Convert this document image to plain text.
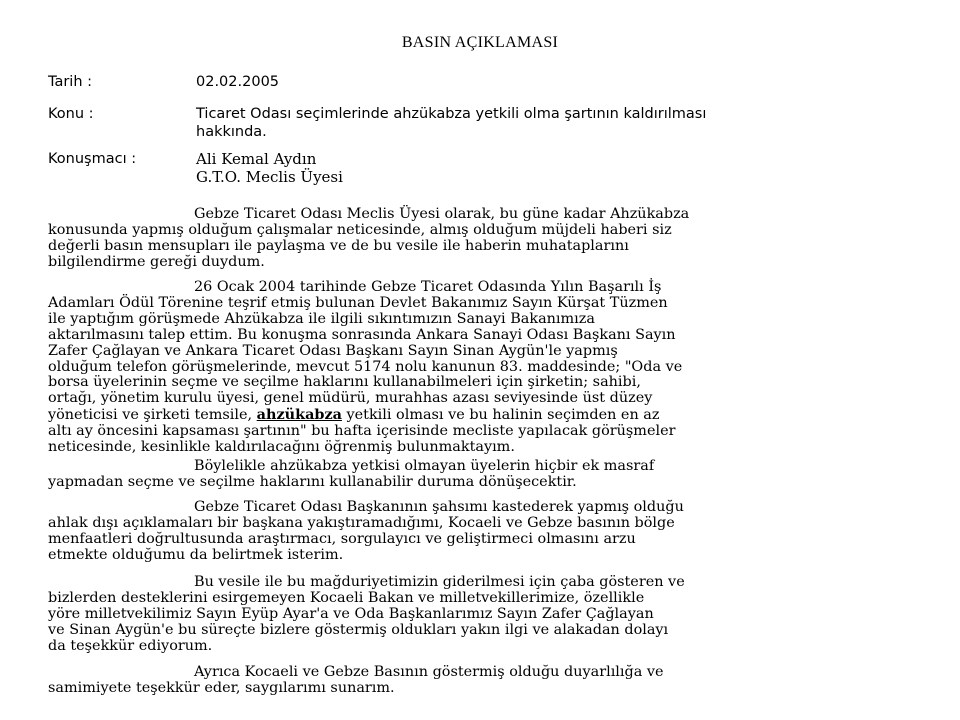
BASIN AÇIKLAMASI
Tarih :	02.02.2005
Konu :	Ticaret Odası seçimlerinde ahzükabza yetkili olma şartının kaldırılması
hakkında.
Konuşmacı :	Ali Kemal Aydın
G.T.O. Meclis Üyesi
Gebze Ticaret Odası Meclis Üyesi olarak, bu güne kadar Ahzükabza
konusunda yapmış olduğum çalışmalar neticesinde, almış olduğum müjdeli haberi siz
değerli basın mensupları ile paylaşma ve de bu vesile ile haberin muhataplarını
bilgilendirme gereği duydum.
26 Ocak 2004 tarihinde Gebze Ticaret Odasında Yılın Başarılı İş
Adamları Ödül Törenine teşrif etmiş bulunan Devlet Bakanımız Sayın Kürşat Tüzmen
ile yaptığım görüşmede Ahzükabza ile ilgili sıkıntımızın Sanayi Bakanımıza
aktarılmasını talep ettim. Bu konuşma sonrasında Ankara Sanayi Odası Başkanı Sayın
Zafer Çağlayan ve Ankara Ticaret Odası Başkanı Sayın Sinan Aygün'le yapmış
olduğum telefon görüşmelerinde, mevcut 5174 nolu kanunun 83. maddesinde; "Oda ve
borsa üyelerinin seçme ve seçilme haklarını kullanabilmeleri için şirketin; sahibi,
ortağı, yönetim kurulu üyesi, genel müdürü, murahhas azası seviyesinde üst düzey
yöneticisi ve şirketi temsile, ahzükabza yetkili olması ve bu halinin seçimden en az
altı ay öncesini kapsaması şartının" bu hafta içerisinde mecliste yapılacak görüşmeler
neticesinde, kesinlikle kaldırılacağını öğrenmiş bulunmaktayım.
Böylelikle ahzükabza yetkisi olmayan üyelerin hiçbir ek masraf
yapmadan seçme ve seçilme haklarını kullanabilir duruma dönüşecektir.
Gebze Ticaret Odası Başkanının şahsımı kastederek yapmış olduğu
ahlak dışı açıklamaları bir başkana yakıştıramadığımı, Kocaeli ve Gebze basının bölge
menfaatleri doğrultusunda araştırmacı, sorgulayıcı ve geliştirmeci olmasını arzu
etmekte olduğumu da belirtmek isterim.
Bu vesile ile bu mağduriyetimizin giderilmesi için çaba gösteren ve
bizlerden desteklerini esirgemeyen Kocaeli Bakan ve milletvekillerimize, özellikle
yöre milletvekilimiz Sayın Eyüp Ayar'a ve Oda Başkanlarımız Sayın Zafer Çağlayan
ve Sinan Aygün'e bu süreçte bizlere göstermiş oldukları yakın ilgi ve alakadan dolayı
da teşekkür ediyorum.
Ayrıca Kocaeli ve Gebze Basının göstermiş olduğu duyarlılığa ve
samimiyete teşekkür eder, saygılarımı sunarım.
